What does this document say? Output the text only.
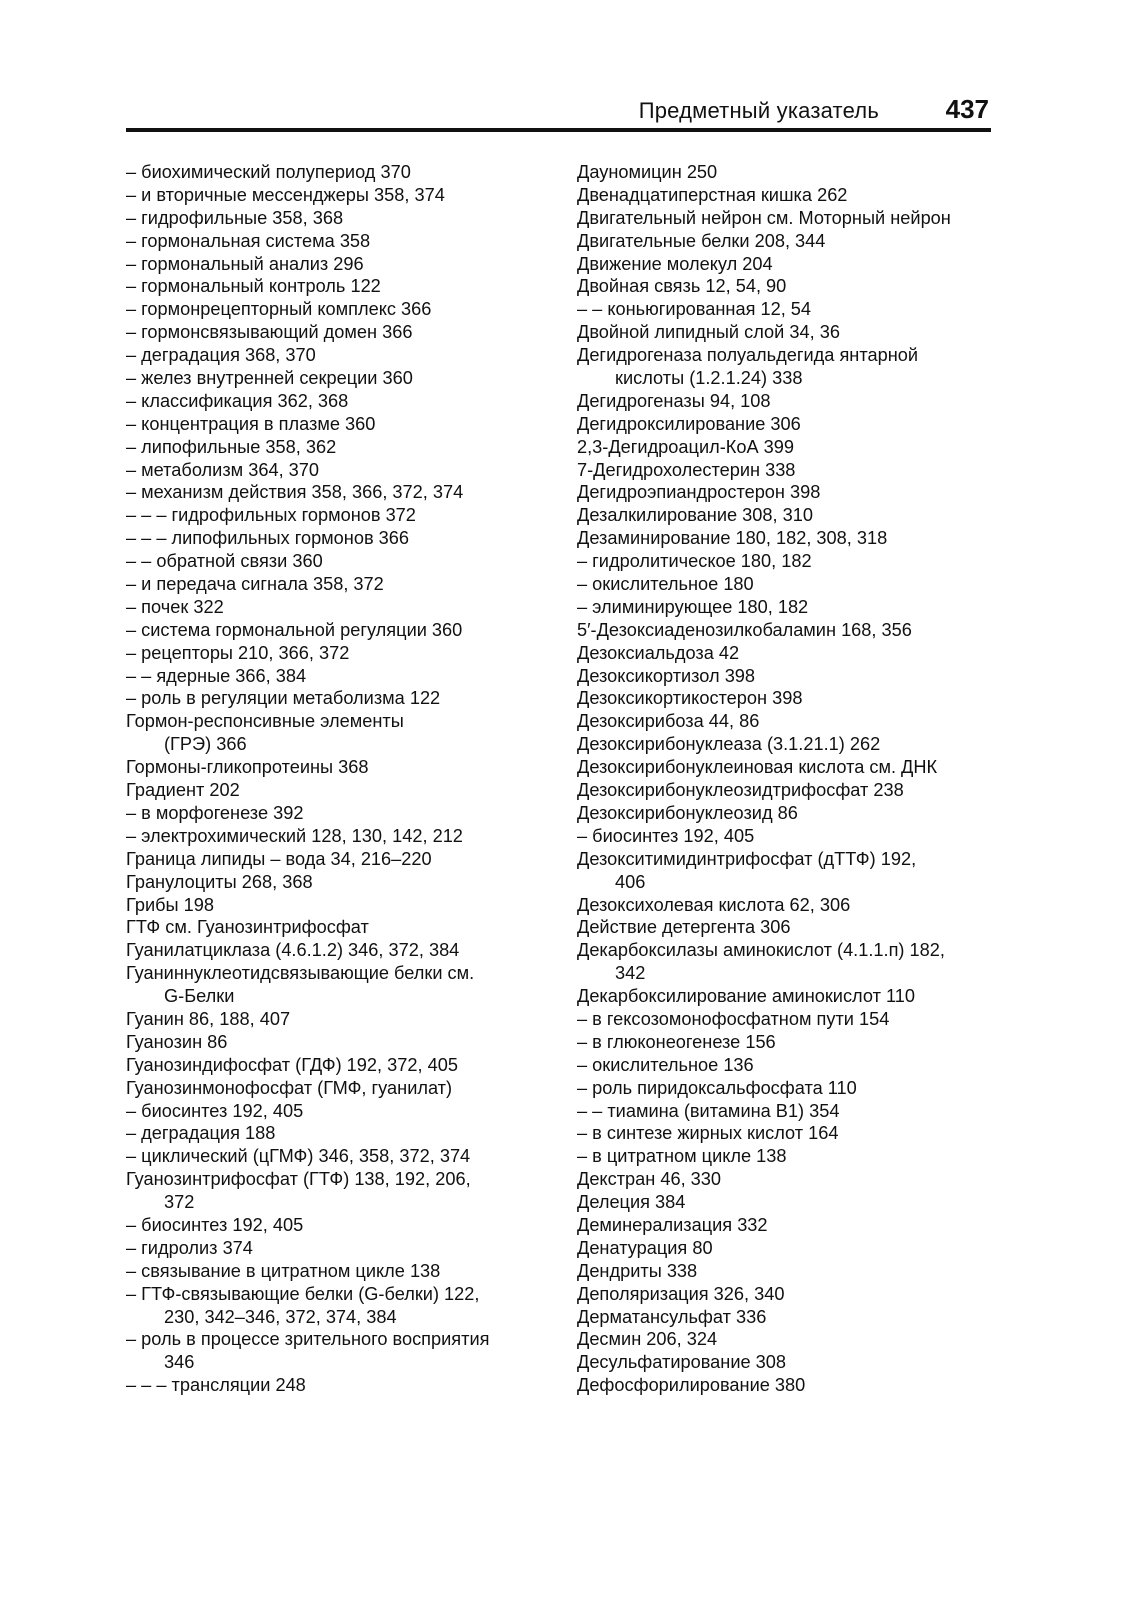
Предметный указатель	437
– биохимический полупериод 370
– и вторичные мессенджеры 358, 374
– гидрофильные 358, 368
– гормональная система 358
– гормональный анализ 296
– гормональный контроль 122
– гормонрецепторный комплекс 366
– гормонсвязывающий домен 366
– деградация 368, 370
– желез внутренней секреции 360
– классификация 362, 368
– концентрация в плазме 360
– липофильные 358, 362
– метаболизм 364, 370
– механизм действия 358, 366, 372, 374
– – – гидрофильных гормонов 372
– – – липофильных гормонов 366
– – обратной связи 360
– и передача сигнала 358, 372
– почек 322
– система гормональной регуляции 360
– рецепторы 210, 366, 372
– – ядерные 366, 384
– роль в регуляции метаболизма 122
Гормон-респонсивные элементы
(ГРЭ) 366
Гормоны-гликопротеины 368
Градиент 202
– в морфогенезе 392
– электрохимический 128, 130, 142, 212
Граница липиды – вода 34, 216–220
Гранулоциты 268, 368
Грибы 198
ГТФ см. Гуанозинтрифосфат
Гуанилатциклаза (4.6.1.2) 346, 372, 384
Гуаниннуклеотидсвязывающие белки см.
G-Белки
Гуанин 86, 188, 407
Гуанозин 86
Гуанозиндифосфат (ГДФ) 192, 372, 405
Гуанозинмонофосфат (ГМФ, гуанилат)
– биосинтез 192, 405
– деградация 188
– циклический (цГМФ) 346, 358, 372, 374
Гуанозинтрифосфат (ГТФ) 138, 192, 206,
372
– биосинтез 192, 405
– гидролиз 374
– связывание в цитратном цикле 138
– ГТФ-связывающие белки (G-белки) 122,
230, 342–346, 372, 374, 384
– роль в процессе зрительного восприятия
346
– – – трансляции 248
Дауномицин 250
Двенадцатиперстная кишка 262
Двигательный нейрон см. Моторный нейрон
Двигательные белки 208, 344
Движение молекул 204
Двойная связь 12, 54, 90
– – коньюгированная 12, 54
Двойной липидный слой 34, 36
Дегидрогеназа полуальдегида янтарной
кислоты (1.2.1.24) 338
Дегидрогеназы 94, 108
Дегидроксилирование 306
2,3-Дегидроацил-КоА 399
7-Дегидрохолестерин 338
Дегидроэпиандростерон 398
Дезалкилирование 308, 310
Дезаминирование 180, 182, 308, 318
– гидролитическое 180, 182
– окислительное 180
– элиминирующее 180, 182
5′-Дезоксиаденозилкобаламин 168, 356
Дезоксиальдоза 42
Дезоксикортизол 398
Дезоксикортикостерон 398
Дезоксирибоза 44, 86
Дезоксирибонуклеаза (3.1.21.1) 262
Дезоксирибонуклеиновая кислота см. ДНК
Дезоксирибонуклеозидтрифосфат 238
Дезоксирибонуклеозид 86
– биосинтез 192, 405
Дезокситимидинтрифосфат (дТТФ) 192,
406
Дезоксихолевая кислота 62, 306
Действие детергента 306
Декарбоксилазы аминокислот (4.1.1.п) 182,
342
Декарбоксилирование аминокислот 110
– в гексозомонофосфатном пути 154
– в глюконеогенезе 156
– окислительное 136
– роль пиридоксальфосфата 110
– – тиамина (витамина B1) 354
– в синтезе жирных кислот 164
– в цитратном цикле 138
Декстран 46, 330
Делеция 384
Деминерализация 332
Денатурация 80
Дендриты 338
Деполяризация 326, 340
Дерматансульфат 336
Десмин 206, 324
Десульфатирование 308
Дефосфорилирование 380
